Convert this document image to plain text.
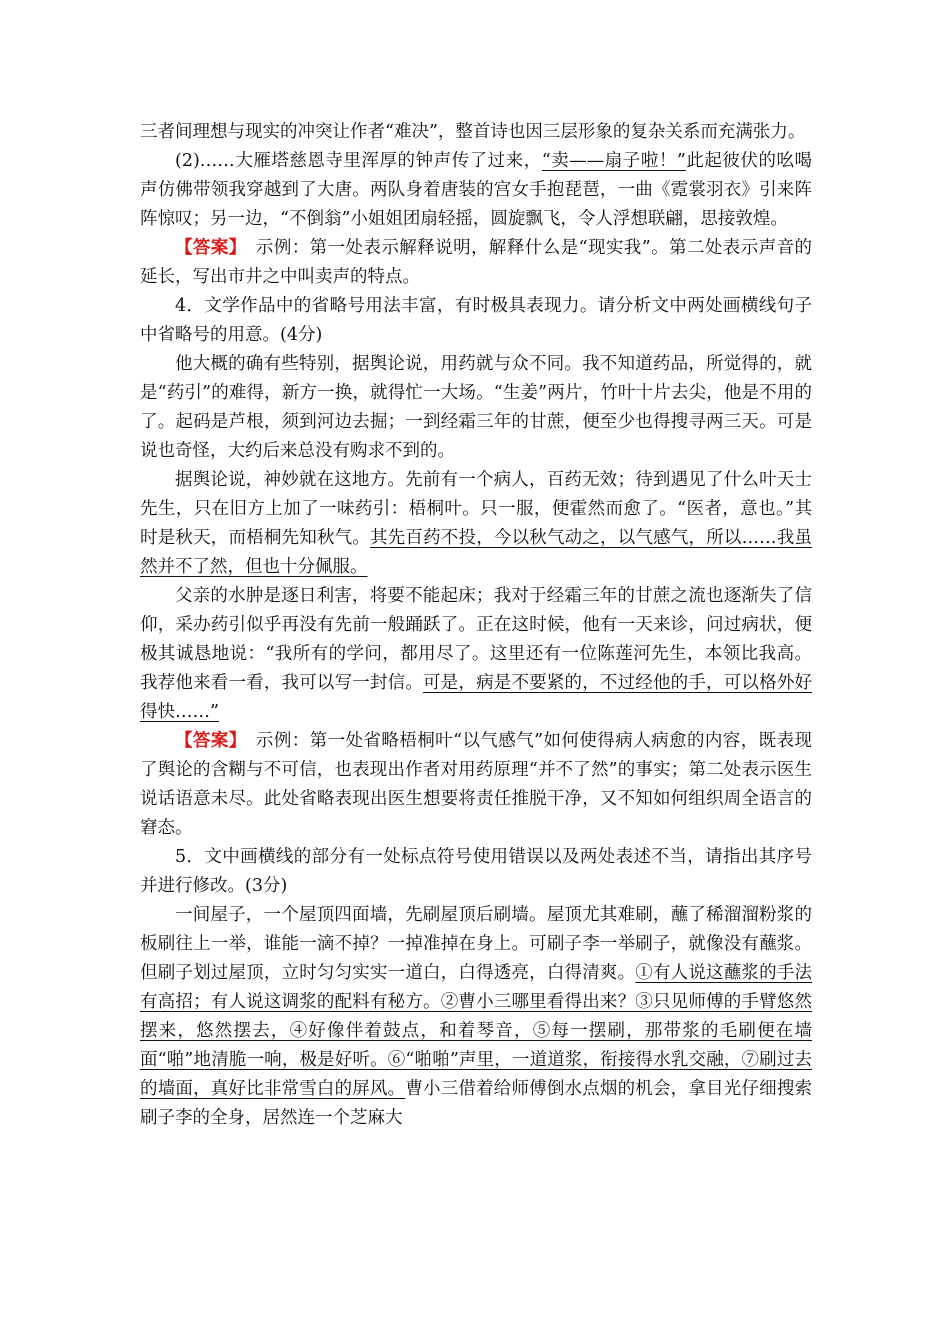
三者间理想与现实的冲突让作者“难决”，整首诗也因三层形象的复杂关系而充满张力。

(2)……大雁塔慈恩寺里浑厚的钟声传了过来，“卖——扇子啦！”此起彼伏的吆喝声仿佛带领我穿越到了大唐。两队身着唐装的宫女手抱琵琶，一曲《霓裳羽衣》引来阵阵惊叹；另一边，“不倒翁”小姐姐团扇轻摇，圆旋飘飞，令人浮想联翩，思接敦煌。

【答案】　示例：第一处表示解释说明，解释什么是“现实我”。第二处表示声音的延长，写出市井之中叫卖声的特点。

4．文学作品中的省略号用法丰富，有时极具表现力。请分析文中两处画横线句子中省略号的用意。(4分)

他大概的确有些特别，据舆论说，用药就与众不同。我不知道药品，所觉得的，就是“药引”的难得，新方一换，就得忙一大场。“生姜”两片，竹叶十片去尖，他是不用的了。起码是芦根，须到河边去掘；一到经霜三年的甘蔗，便至少也得搜寻两三天。可是说也奇怪，大约后来总没有购求不到的。

据舆论说，神妙就在这地方。先前有一个病人，百药无效；待到遇见了什么叶天士先生，只在旧方上加了一味药引：梧桐叶。只一服，便霍然而愈了。“医者，意也。”其时是秋天，而梧桐先知秋气。其先百药不投，今以秋气动之，以气感气，所以……我虽然并不了然，但也十分佩服。

父亲的水肿是逐日利害，将要不能起床；我对于经霜三年的甘蔗之流也逐渐失了信仰，采办药引似乎再没有先前一般踊跃了。正在这时候，他有一天来诊，问过病状，便极其诚恳地说：“我所有的学问，都用尽了。这里还有一位陈莲河先生，本领比我高。我荐他来看一看，我可以写一封信。可是，病是不要紧的，不过经他的手，可以格外好得快……”

【答案】　示例：第一处省略梧桐叶“以气感气”如何使得病人病愈的内容，既表现了舆论的含糊与不可信，也表现出作者对用药原理“并不了然”的事实；第二处表示医生说话语意未尽。此处省略表现出医生想要将责任推脱干净，又不知如何组织周全语言的窘态。

5．文中画横线的部分有一处标点符号使用错误以及两处表述不当，请指出其序号并进行修改。(3分)

一间屋子，一个屋顶四面墙，先刷屋顶后刷墙。屋顶尤其难刷，蘸了稀溜溜粉浆的板刷往上一举，谁能一滴不掉？一掉准掉在身上。可刷子李一举刷子，就像没有蘸浆。但刷子划过屋顶，立时匀匀实实一道白，白得透亮，白得清爽。①有人说这蘸浆的手法有高招；有人说这调浆的配料有秘方。②曹小三哪里看得出来？③只见师傅的手臂悠然摆来，悠然摆去，④好像伴着鼓点，和着琴音，⑤每一摆刷，那带浆的毛刷便在墙面“啪”地清脆一响，极是好听。⑥“啪啪”声里，一道道浆，衔接得水乳交融，⑦刷过去的墙面，真好比非常雪白的屏风。曹小三借着给师傅倒水点烟的机会，拿目光仔细搜索刷子李的全身，居然连一个芝麻大
